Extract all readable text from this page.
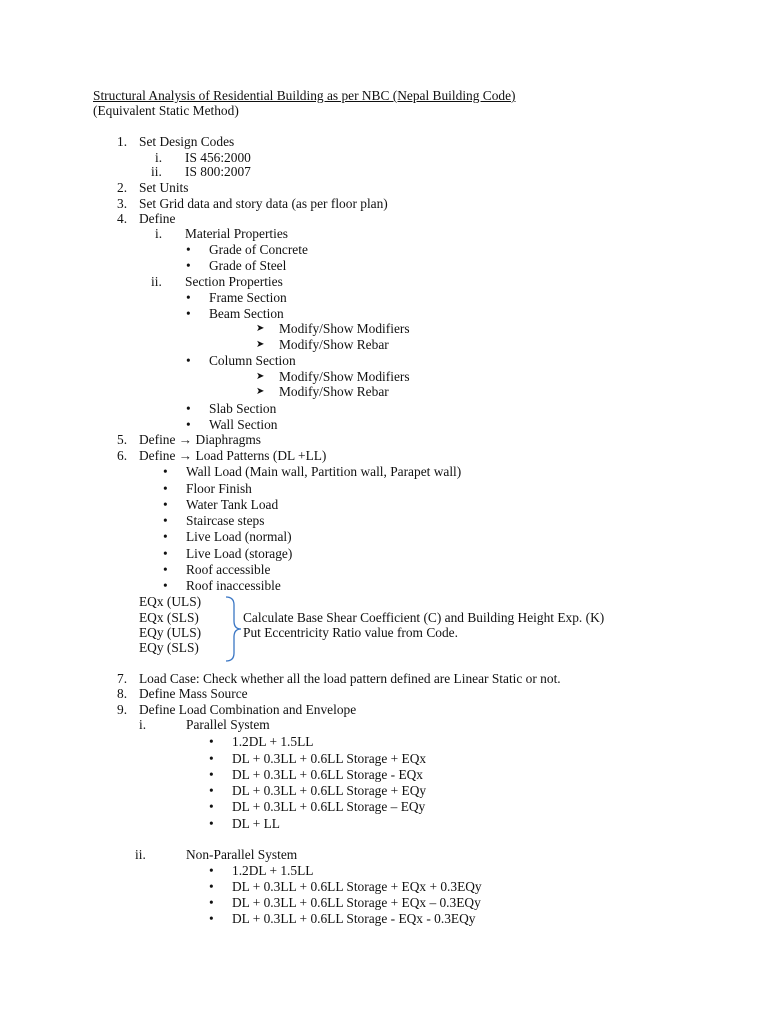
Structural Analysis of Residential Building as per NBC (Nepal Building Code)
(Equivalent Static Method)
1. Set Design Codes
i. IS 456:2000
ii. IS 800:2007
2. Set Units
3. Set Grid data and story data (as per floor plan)
4. Define
i. Material Properties
• Grade of Concrete
• Grade of Steel
ii. Section Properties
• Frame Section
• Beam Section
➤ Modify/Show Modifiers
➤ Modify/Show Rebar
• Column Section
➤ Modify/Show Modifiers
➤ Modify/Show Rebar
• Slab Section
• Wall Section
5. Define → Diaphragms
6. Define → Load Patterns (DL +LL)
• Wall Load (Main wall, Partition wall, Parapet wall)
• Floor Finish
• Water Tank Load
• Staircase steps
• Live Load (normal)
• Live Load (storage)
• Roof accessible
• Roof inaccessible
EQx (ULS)
EQx (SLS)
EQy (ULS)
EQy (SLS)
Calculate Base Shear Coefficient (C) and Building Height Exp. (K)
Put Eccentricity Ratio value from Code.
7. Load Case: Check whether all the load pattern defined are Linear Static or not.
8. Define Mass Source
9. Define Load Combination and Envelope
i.	Parallel System
• 1.2DL + 1.5LL
• DL + 0.3LL + 0.6LL Storage + EQx
• DL + 0.3LL + 0.6LL Storage - EQx
• DL + 0.3LL + 0.6LL Storage + EQy
• DL + 0.3LL + 0.6LL Storage – EQy
• DL + LL
ii.	Non-Parallel System
• 1.2DL + 1.5LL
• DL + 0.3LL + 0.6LL Storage + EQx + 0.3EQy
• DL + 0.3LL + 0.6LL Storage + EQx – 0.3EQy
• DL + 0.3LL + 0.6LL Storage - EQx - 0.3EQy
